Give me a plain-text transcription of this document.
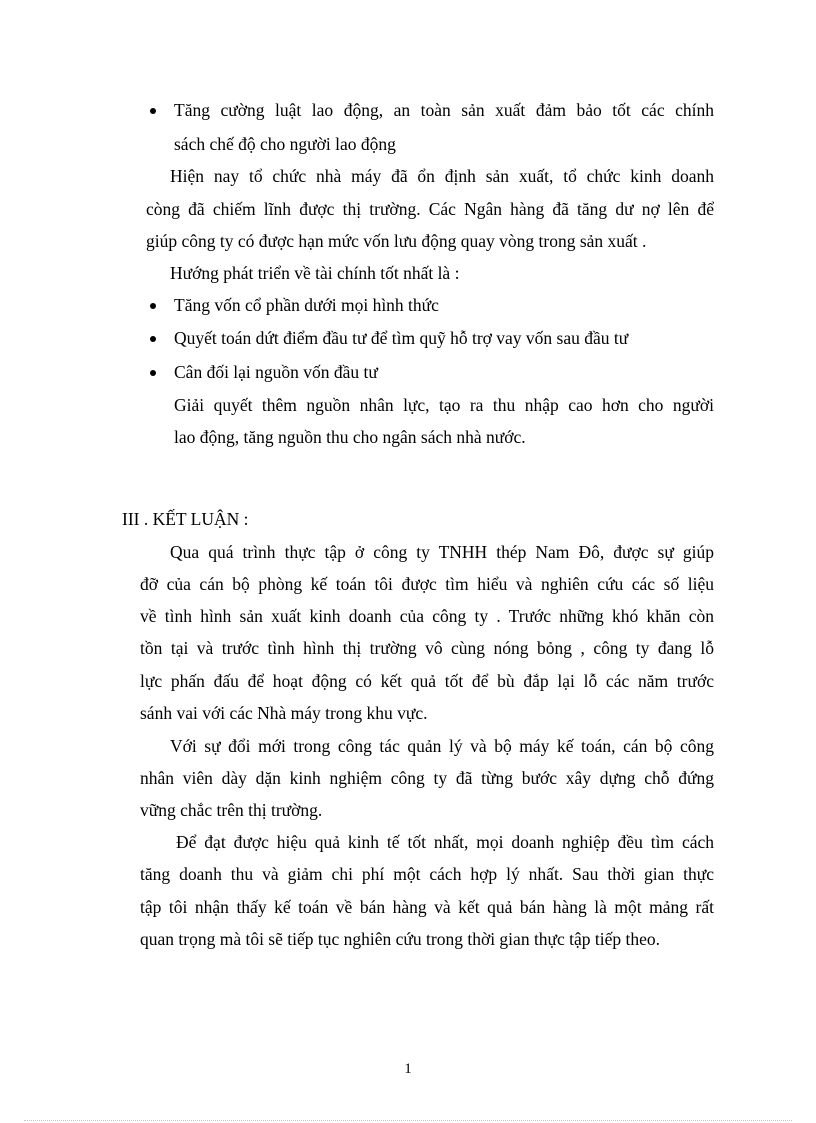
Tăng cường luật lao động, an toàn sản xuất đảm bảo tốt các chính
sách chế độ cho người lao động
Hiện nay tổ chức nhà máy đã ổn định sản xuất, tổ chức kinh doanh
còng đã chiếm lĩnh được thị trường. Các Ngân hàng đã tăng dư nợ lên để
giúp công ty có được hạn mức vốn lưu động quay vòng trong sản xuất .
Hướng phát triển về tài chính tốt nhất là :
Tăng vốn cổ phần dưới mọi hình thức
Quyết toán dứt điểm đầu tư để tìm quỹ hỗ trợ vay vốn sau đầu tư
Cân đối lại nguồn vốn đầu tư
Giải quyết thêm nguồn nhân lực, tạo ra thu nhập cao hơn cho người
lao động, tăng nguồn thu cho ngân sách nhà nước.
III . KẾT LUẬN :
Qua quá trình thực tập ở công ty TNHH thép Nam Đô, được sự giúp
đỡ của cán bộ phòng kế toán tôi được tìm hiểu và nghiên cứu các số liệu
về tình hình sản xuất kinh doanh của công ty . Trước những khó khăn còn
tồn tại và trước tình hình thị trường vô cùng nóng bỏng , công ty đang lỗ
lực phấn đấu để hoạt động có kết quả tốt để bù đắp lại lỗ các năm trước
sánh vai với các Nhà máy trong khu vực.
Với sự đổi mới trong công tác quản lý và bộ máy kế toán, cán bộ công
nhân viên dày dặn kinh nghiệm công ty đã từng bước xây dựng chỗ đứng
vững chắc trên thị trường.
Để đạt được hiệu quả kinh tế tốt nhất, mọi doanh nghiệp đều tìm cách
tăng doanh thu và giảm chi phí một cách hợp lý nhất. Sau thời gian thực
tập tôi nhận thấy kế toán về bán hàng và kết quả bán hàng là một mảng rất
quan trọng mà tôi sẽ tiếp tục nghiên cứu trong thời gian thực tập tiếp theo.
1
